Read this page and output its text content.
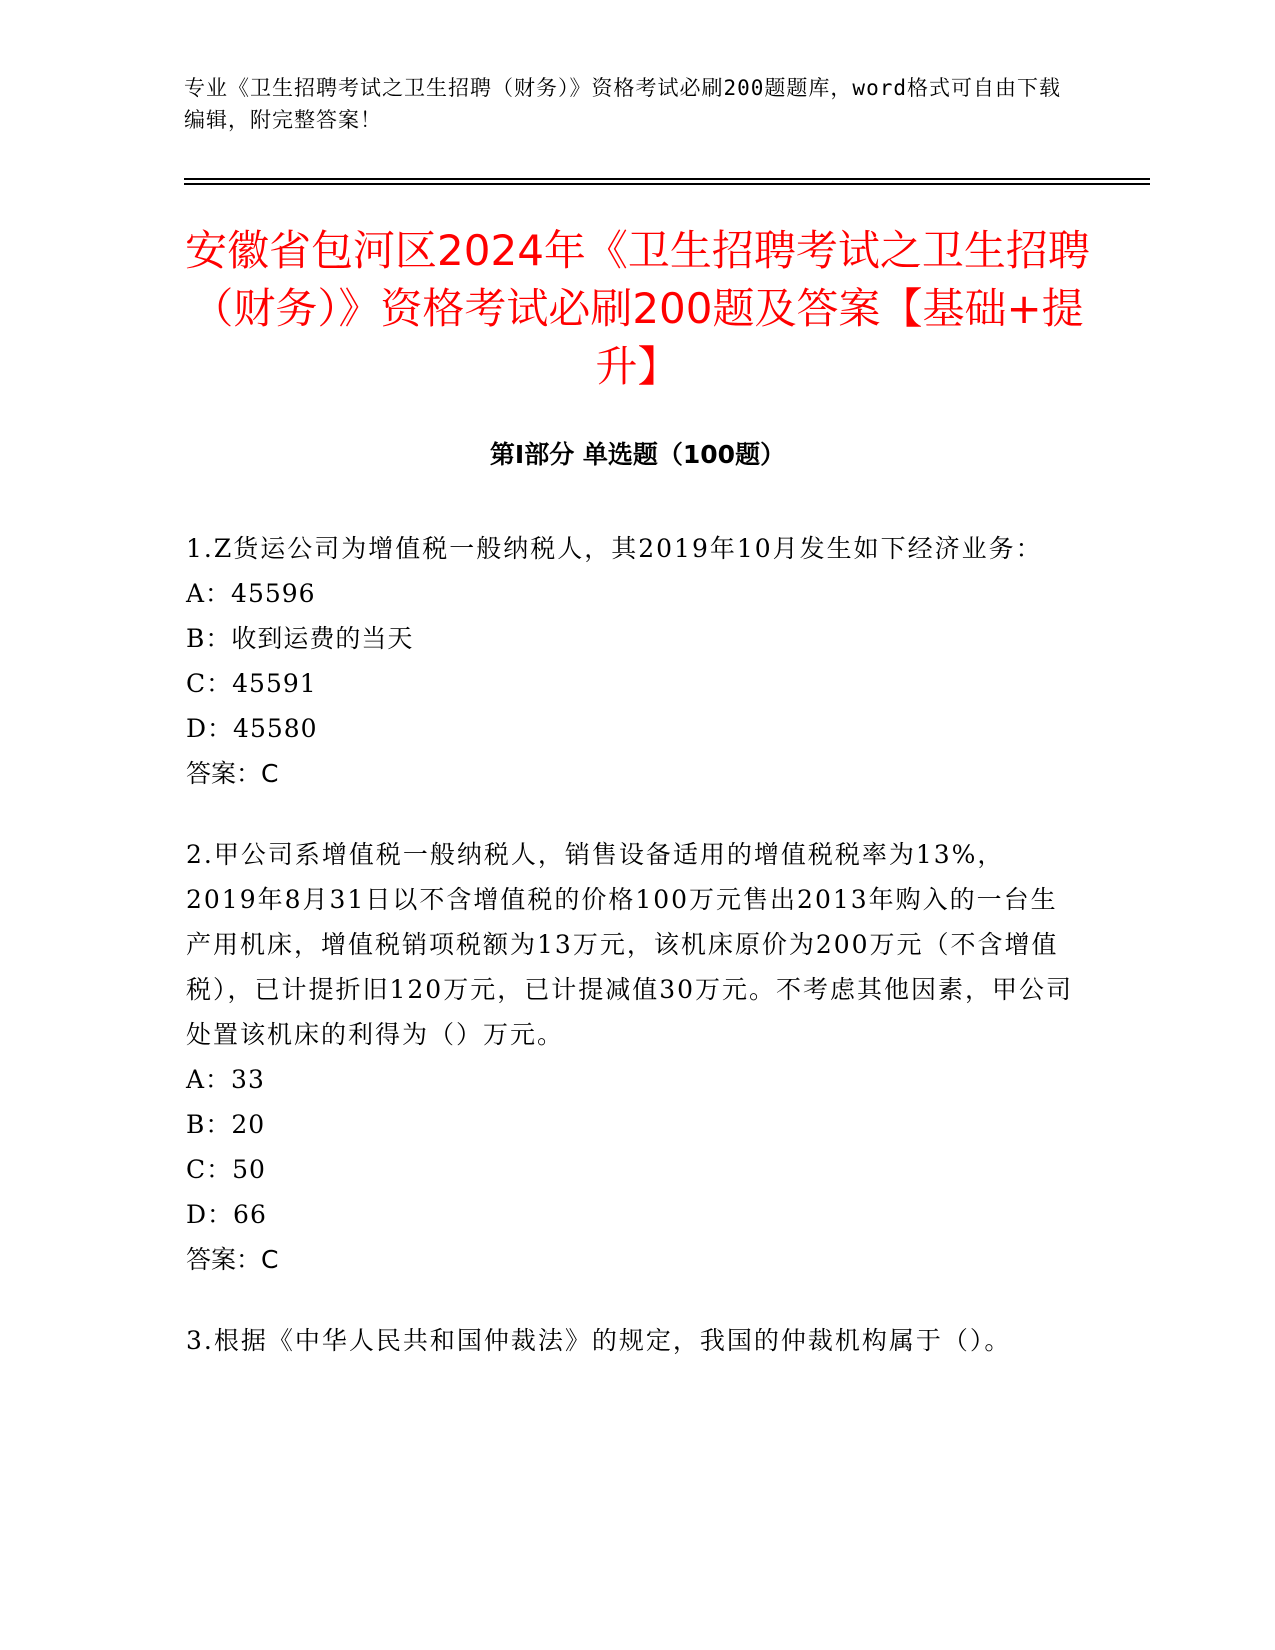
专业《卫生招聘考试之卫生招聘（财务）》资格考试必刷200题题库，word格式可自由下载编辑，附完整答案！
安徽省包河区2024年《卫生招聘考试之卫生招聘（财务）》资格考试必刷200题及答案【基础+提升】
第Ⅰ部分 单选题（100题）

1.Z货运公司为增值税一般纳税人，其2019年10月发生如下经济业务：

A：45596

B：收到运费的当天

C：45591

D：45580

答案：C

2.甲公司系增值税一般纳税人，销售设备适用的增值税税率为13%，2019年8月31日以不含增值税的价格100万元售出2013年购入的一台生产用机床，增值税销项税额为13万元，该机床原价为200万元（不含增值税），已计提折旧120万元，已计提减值30万元。不考虑其他因素，甲公司处置该机床的利得为（）万元。

A：33

B：20

C：50

D：66

答案：C

3.根据《中华人民共和国仲裁法》的规定，我国的仲裁机构属于（）。
